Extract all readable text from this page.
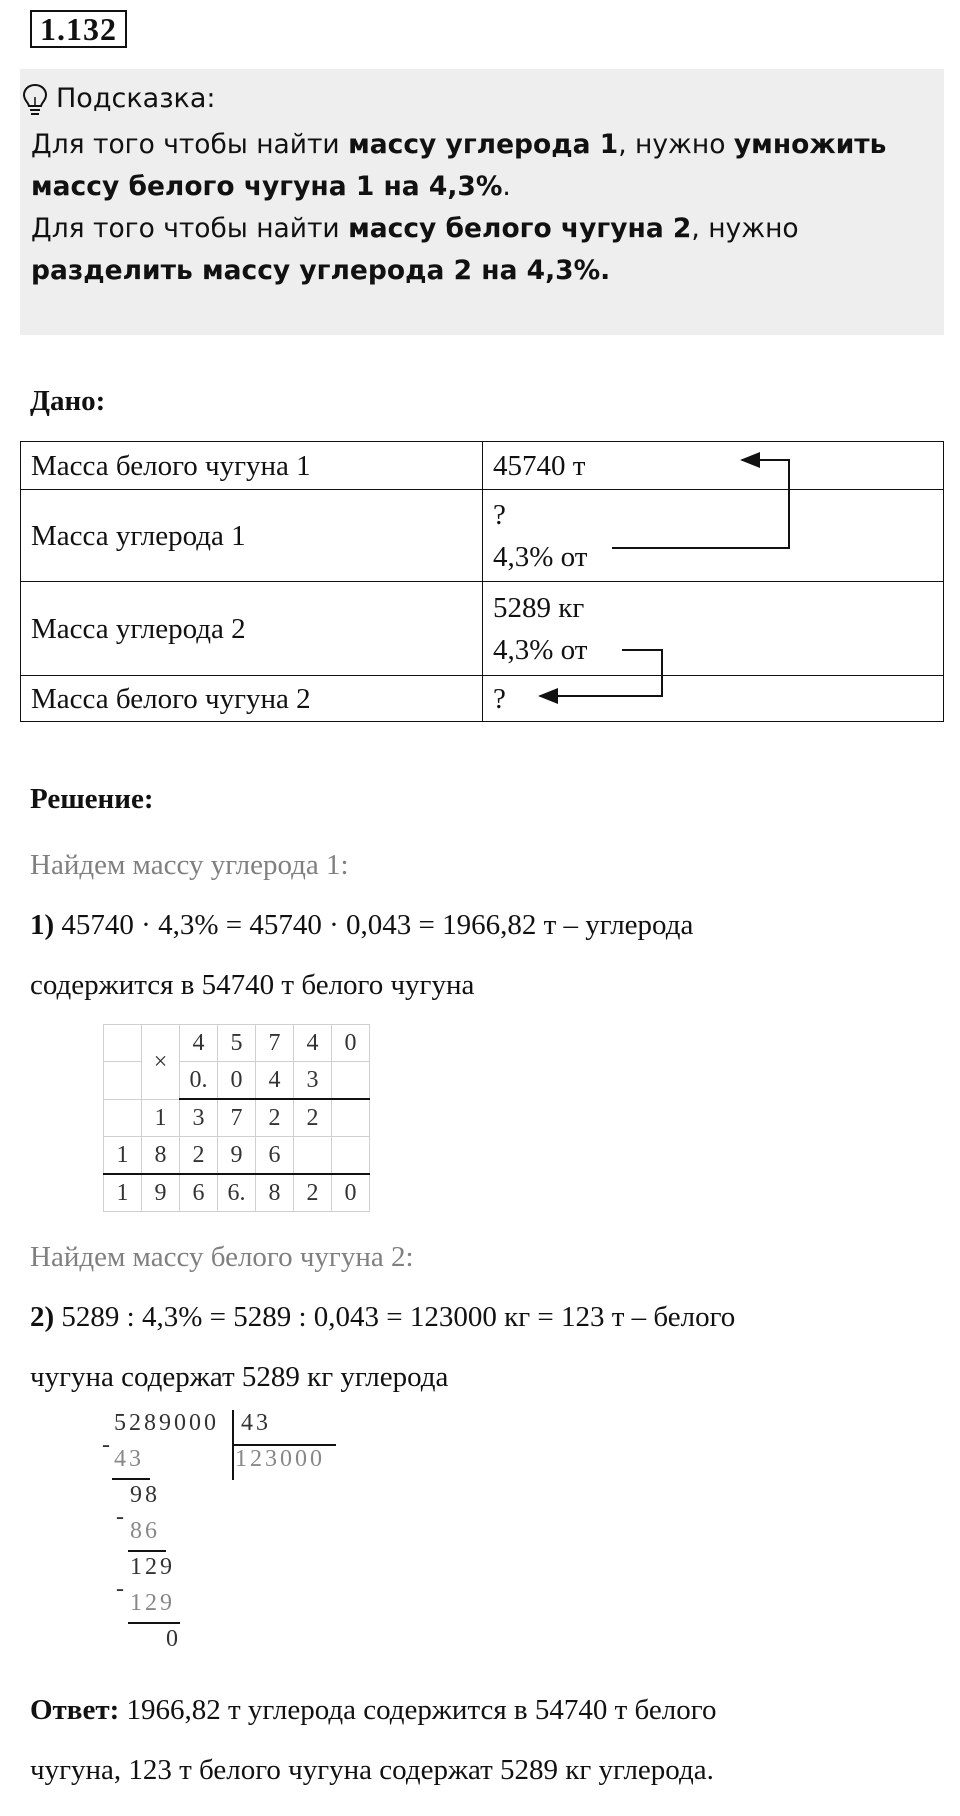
1.132
Подсказка:
Для того чтобы найти массу углерода 1, нужно умножить
массу белого чугуна 1 на 4,3%.
Для того чтобы найти массу белого чугуна 2, нужно
разделить массу углерода 2 на 4,3%.
Дано:
Масса белого чугуна 1	45740 т

Масса углерода 1	?
4,3% от

Масса углерода 2	5289 кг
4,3% от

Масса белого чугуна 2	?
Решение:
Найдем массу углерода 1:
1) 45740 · 4,3% = 45740 · 0,043 = 1966,82 т – углерода
содержится в 54740 т белого чугуна
	×	4	5	7	4	0
		0.	0	4	3	
	1	3	7	2	2	
1	8	2	9	6		
1	9	6	6.	8	2	0
Найдем массу белого чугуна 2:
2) 5289 : 4,3% = 5289 : 0,043 = 123000 кг = 123 т – белого
чугуна содержат 5289 кг углерода
5289000 43
123000
-
43
98
-
86
129
-
129
0
Ответ: 1966,82 т углерода содержится в 54740 т белого
чугуна, 123 т белого чугуна содержат 5289 кг углерода.
